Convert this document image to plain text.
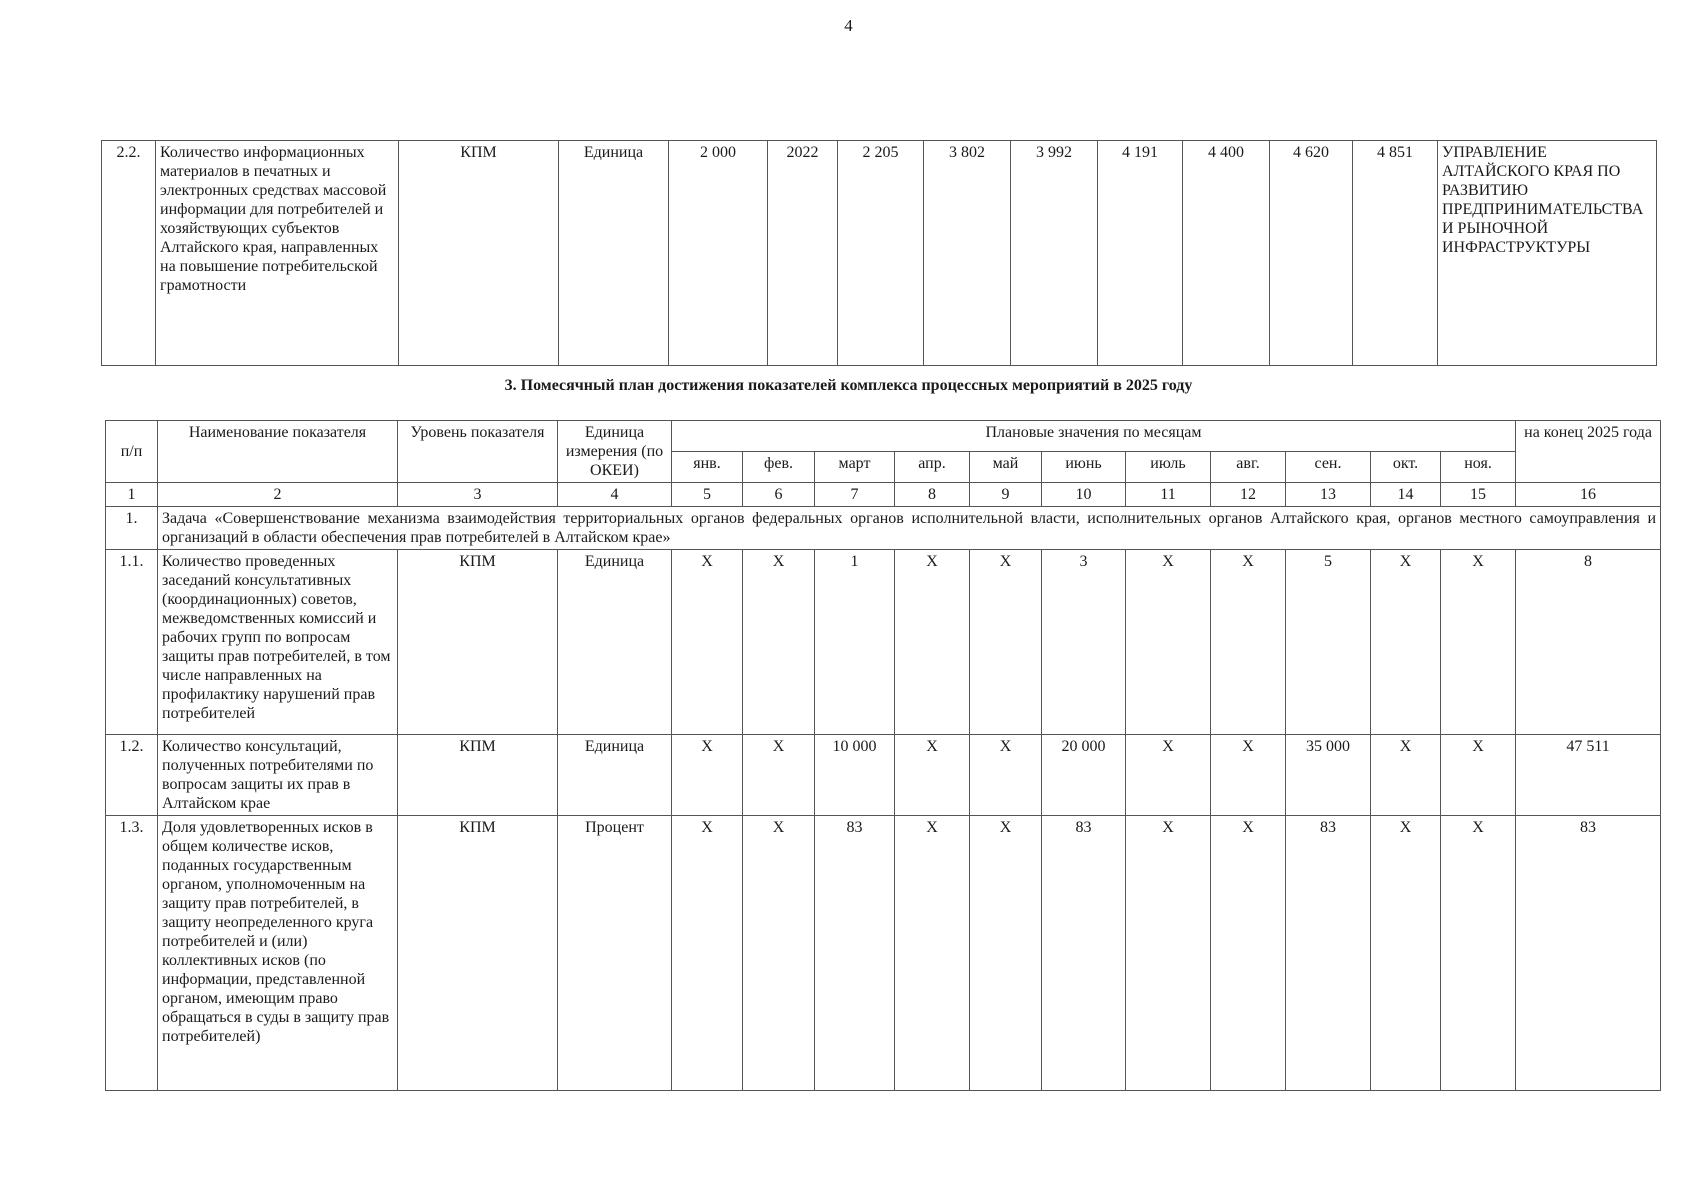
4
2.2.	Количество информационных материалов в печатных и электронных средствах массовой информации для потребителей и хозяйствующих субъектов Алтайского края, направленных на повышение потребительской грамотности	КПМ	Единица	2 000	2022	2 205	3 802	3 992	4 191	4 400	4 620	4 851	УПРАВЛЕНИЕ АЛТАЙСКОГО КРАЯ ПО РАЗВИТИЮ ПРЕДПРИНИМАТЕЛЬСТВА И РЫНОЧНОЙ ИНФРАСТРУКТУРЫ
3. Помесячный план достижения показателей комплекса процессных мероприятий в 2025 году
п/п	Наименование показателя	Уровень показателя	Единица измерения (по ОКЕИ)	Плановые значения по месяцам											на конец 2025 года
				янв.	фев.	март	апр.	май	июнь	июль	авг.	сен.	окт.	ноя.	
1	2	3	4	5	6	7	8	9	10	11	12	13	14	15	16
1.	Задача «Совершенствование механизма взаимодействия территориальных органов федеральных органов исполнительной власти, исполнительных органов Алтайского края, органов местного самоуправления и организаций в области обеспечения прав потребителей в Алтайском крае»														
1.1.	Количество проведенных заседаний консультативных (координационных) советов, межведомственных комиссий и рабочих групп по вопросам защиты прав потребителей, в том числе направленных на профилактику нарушений прав потребителей	КПМ	Единица	X	X	1	X	X	3	X	X	5	X	X	8
1.2.	Количество консультаций, полученных потребителями по вопросам защиты их прав в Алтайском крае	КПМ	Единица	X	X	10 000	X	X	20 000	X	X	35 000	X	X	47 511
1.3.	Доля удовлетворенных исков в общем количестве исков, поданных государственным органом, уполномоченным на защиту прав потребителей, в защиту неопределенного круга потребителей и (или) коллективных исков (по информации, представленной органом, имеющим право обращаться в суды в защиту прав потребителей)	КПМ	Процент	X	X	83	X	X	83	X	X	83	X	X	83
